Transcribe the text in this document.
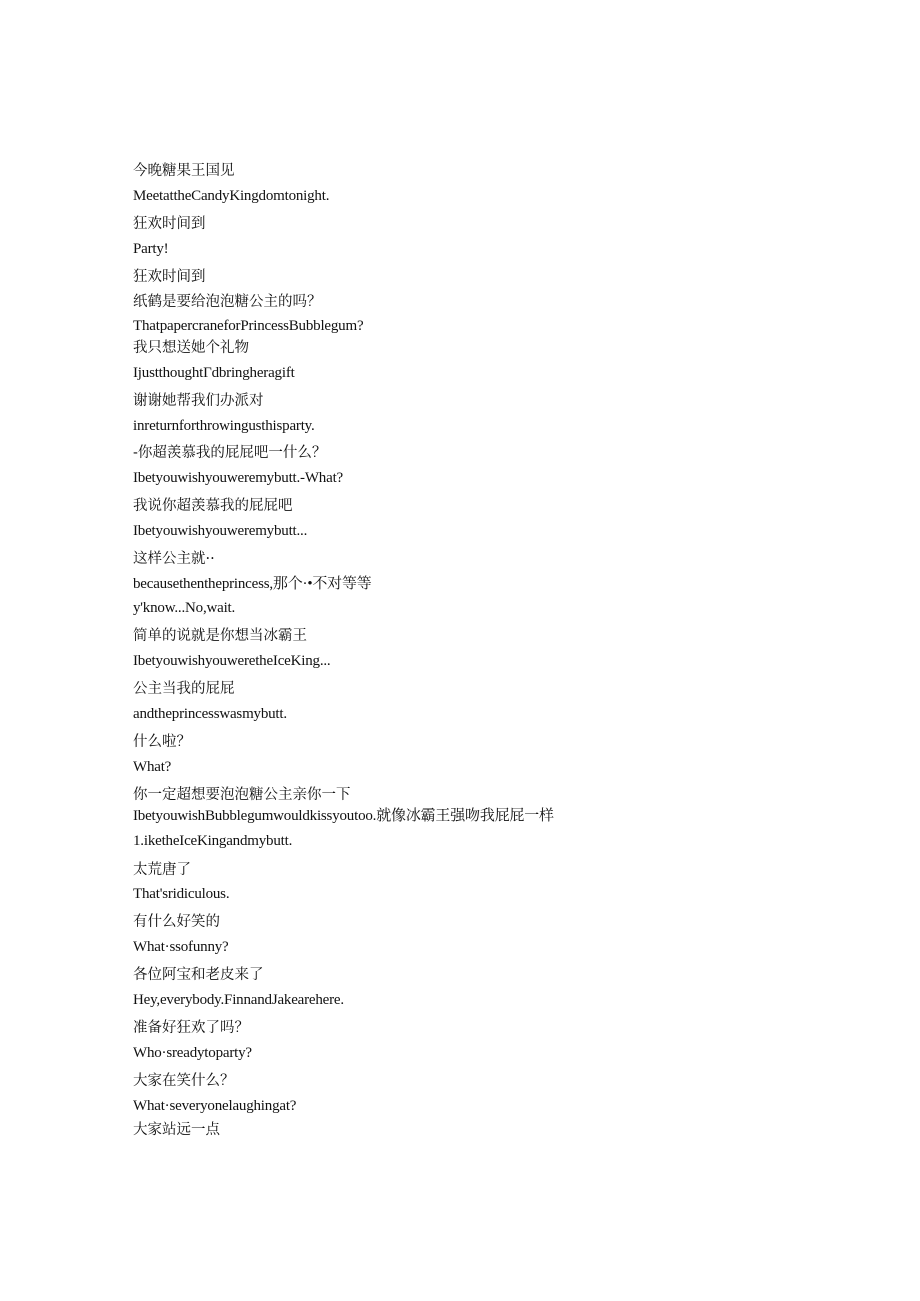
今晚糖果王国见
MeetattheCandyKingdomtonight.
狂欢时间到
Party!
狂欢时间到
纸鹤是要给泡泡糖公主的吗？
ThatpapercraneforPrincessBubblegum?
我只想送她个礼物
IjustthoughtΓdbringheragift
谢谢她帮我们办派对
inreturnforthrowingusthisparty.
-你超羡慕我的屁屁吧一什么？
Ibetyouwishyouweremybutt.-What?
我说你超羡慕我的屁屁吧
Ibetyouwishyouweremybutt...
这样公主就··
becausethentheprincess,那个·•不对等等
y'know...No,wait.
简单的说就是你想当冰霸王
IbetyouwishyouweretheIceKing...
公主当我的屁屁
andtheprincesswasmybutt.
什么啦？
What?
你一定超想要泡泡糖公主亲你一下
IbetyouwishBubblegumwouldkissyoutoo.就像冰霸王强吻我屁屁一样
1.iketheIceKingandmybutt.
太荒唐了
That'sridiculous.
有什么好笑的
What·ssofunny?
各位阿宝和老皮来了
Hey,everybody.FinnandJakearehere.
准备好狂欢了吗？
Who·sreadytoparty?
大家在笑什么？
What·severyonelaughingat?
大家站远一点
